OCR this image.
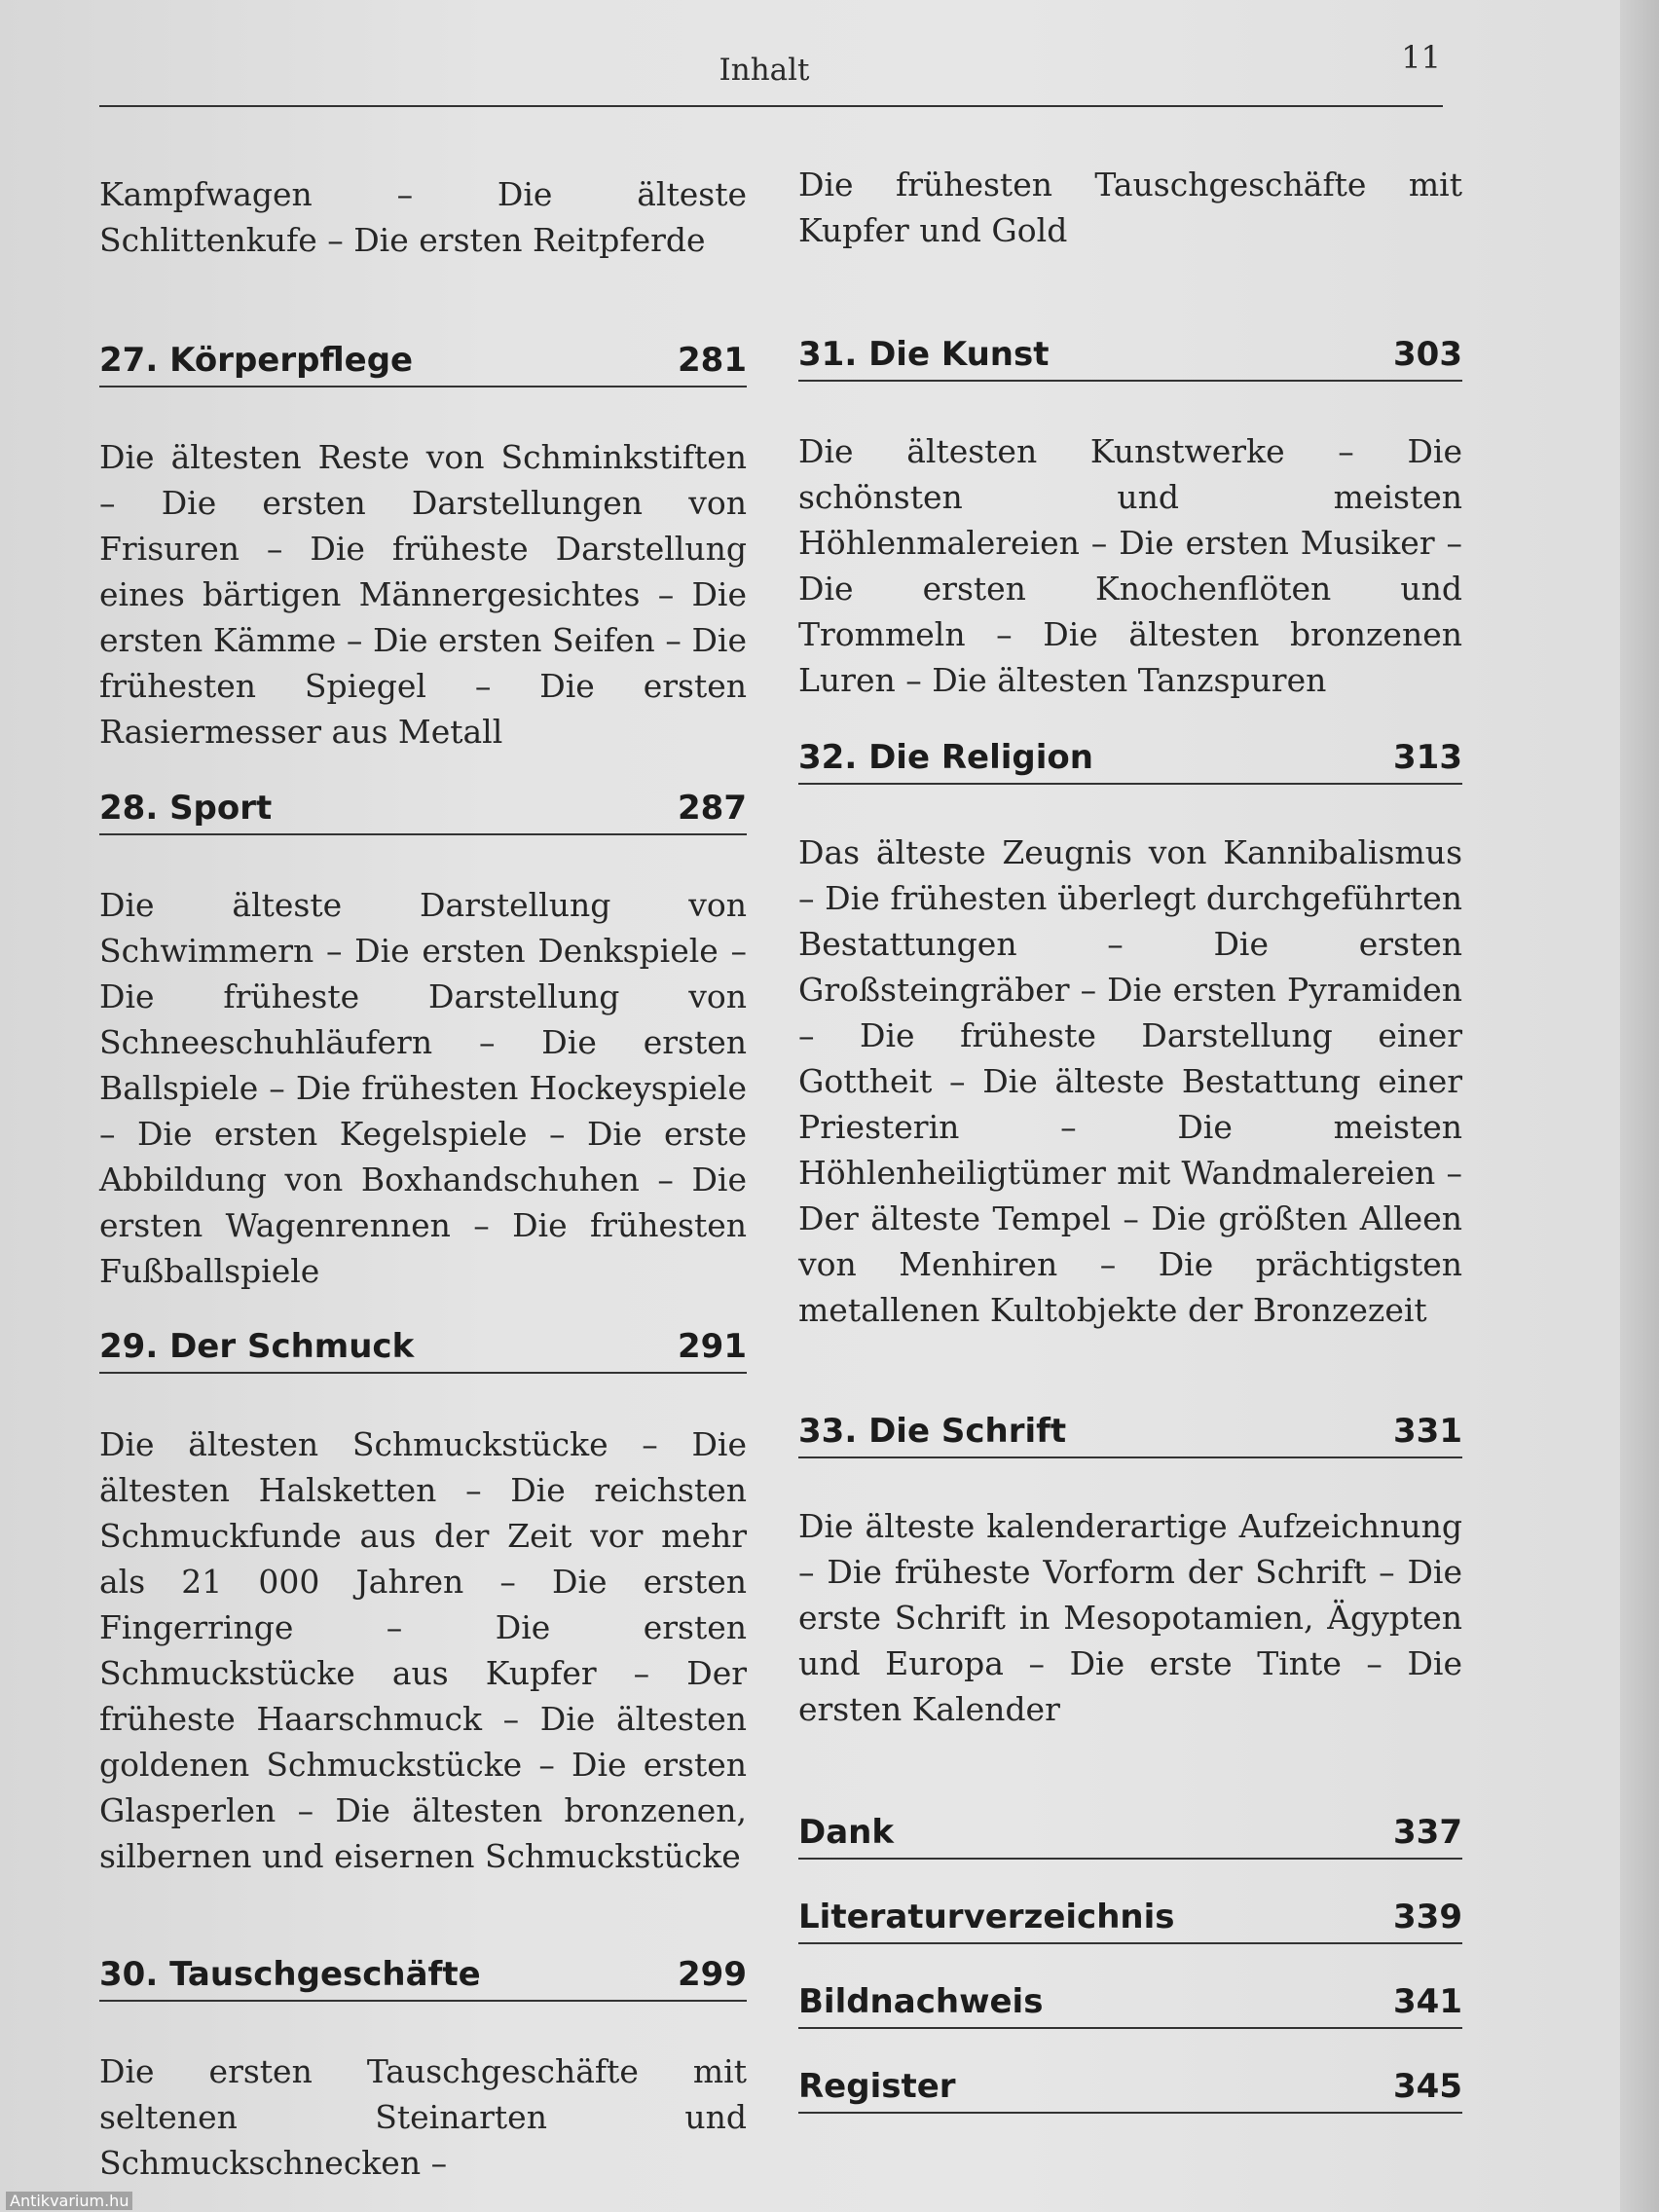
Inhalt	11

Kampfwagen – Die älteste Schlittenkufe – Die ersten Reitpferde

27. Körperpflege	281

Die ältesten Reste von Schminkstiften – Die ersten Darstellungen von Frisuren – Die früheste Darstellung eines bärtigen Männergesichtes – Die ersten Kämme – Die ersten Seifen – Die frühesten Spiegel – Die ersten Rasiermesser aus Metall

28. Sport	287

Die älteste Darstellung von Schwimmern – Die ersten Denkspiele – Die früheste Darstellung von Schneeschuhläufern – Die ersten Ballspiele – Die frühesten Hockeyspiele – Die ersten Kegelspiele – Die erste Abbildung von Boxhandschuhen – Die ersten Wagenrennen – Die frühesten Fußballspiele

29. Der Schmuck	291

Die ältesten Schmuckstücke – Die ältesten Halsketten – Die reichsten Schmuckfunde aus der Zeit vor mehr als 21 000 Jahren – Die ersten Fingerringe – Die ersten Schmuckstücke aus Kupfer – Der früheste Haarschmuck – Die ältesten goldenen Schmuckstücke – Die ersten Glasperlen – Die ältesten bronzenen, silbernen und eisernen Schmuckstücke

30. Tauschgeschäfte	299

Die ersten Tauschgeschäfte mit seltenen Steinarten und Schmuckschnecken –

Die frühesten Tauschgeschäfte mit Kupfer und Gold

31. Die Kunst	303

Die ältesten Kunstwerke – Die schönsten und meisten Höhlenmalereien – Die ersten Musiker – Die ersten Knochenflöten und Trommeln – Die ältesten bronzenen Luren – Die ältesten Tanzspuren

32. Die Religion	313

Das älteste Zeugnis von Kannibalismus – Die frühesten überlegt durchgeführten Bestattungen – Die ersten Großsteingräber – Die ersten Pyramiden – Die früheste Darstellung einer Gottheit – Die älteste Bestattung einer Priesterin – Die meisten Höhlenheiligtümer mit Wandmalereien – Der älteste Tempel – Die größten Alleen von Menhiren – Die prächtigsten metallenen Kultobjekte der Bronzezeit

33. Die Schrift	331

Die älteste kalenderartige Aufzeichnung – Die früheste Vorform der Schrift – Die erste Schrift in Mesopotamien, Ägypten und Europa – Die erste Tinte – Die ersten Kalender

Dank	337
Literaturverzeichnis	339
Bildnachweis	341
Register	345
Antikvarium.hu
